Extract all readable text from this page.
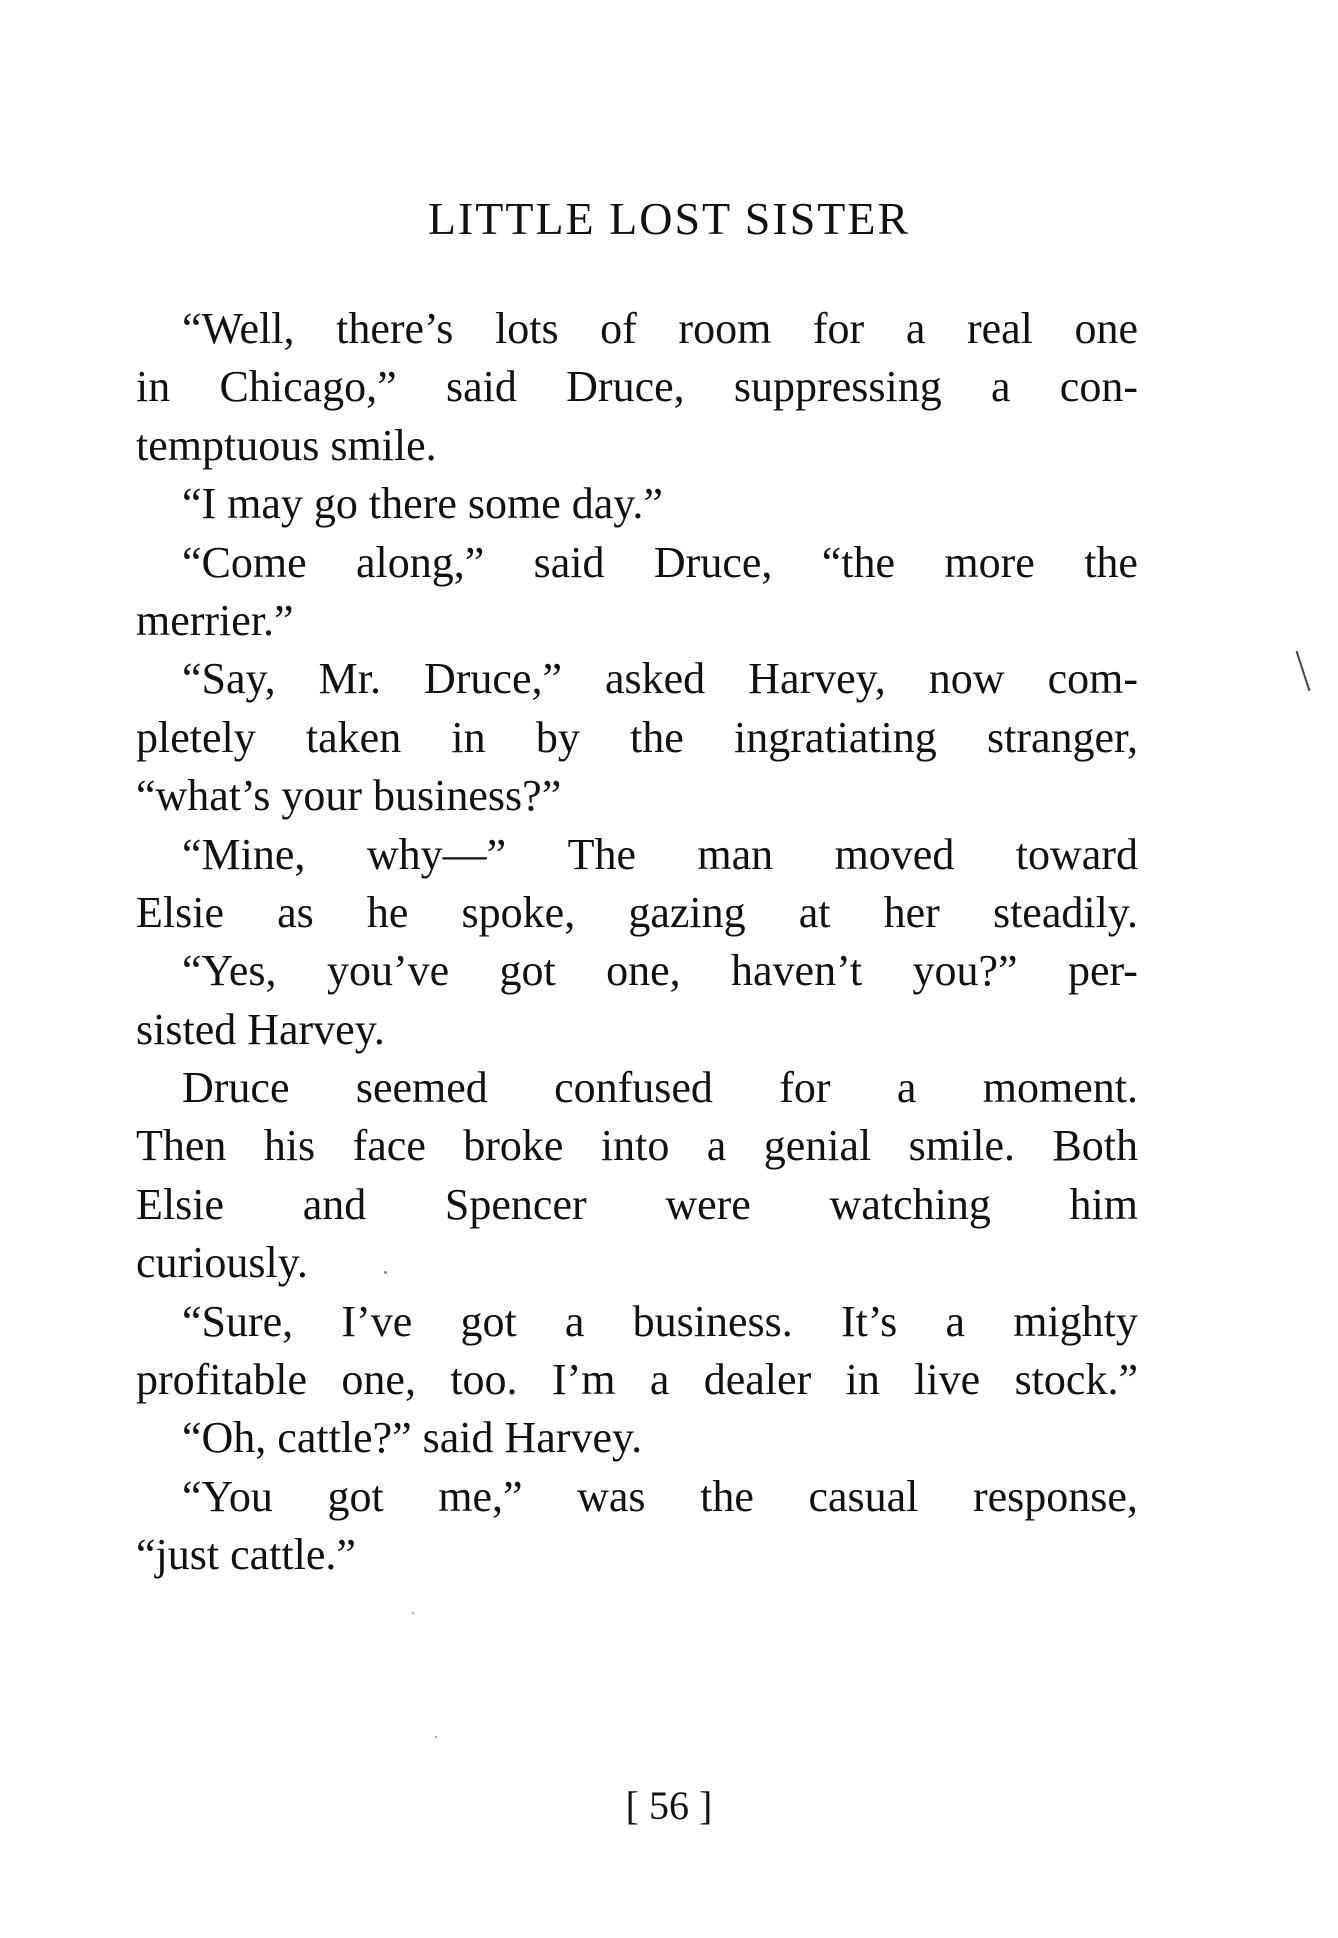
LITTLE LOST SISTER
“Well, there’s lots of room for a real one
in Chicago,” said Druce, suppressing a con-
temptuous smile.
“I may go there some day.”
“Come along,” said Druce, “the more the
merrier.”
“Say, Mr. Druce,” asked Harvey, now com-
pletely taken in by the ingratiating stranger,
“what’s your business?”
“Mine, why—” The man moved toward
Elsie as he spoke, gazing at her steadily.
“Yes, you’ve got one, haven’t you?” per-
sisted Harvey.
Druce seemed confused for a moment.
Then his face broke into a genial smile. Both
Elsie and Spencer were watching him
curiously.
“Sure, I’ve got a business. It’s a mighty
profitable one, too. I’m a dealer in live stock.”
“Oh, cattle?” said Harvey.
“You got me,” was the casual response,
“just cattle.”
[ 56 ]
